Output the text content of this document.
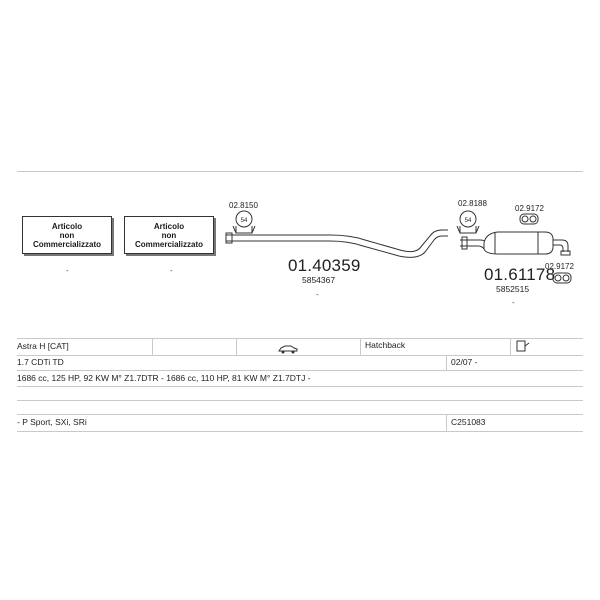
Articolo
non
Commercializzato
-
Articolo
non
Commercializzato
-
54	54
02.8150	02.8188
02.9172
02.9172
01.40359
5854367
-
01.61178
5852515
-
Astra H [CAT]	Hatchback
1.7 CDTi TD	02/07 -
1686 cc, 125 HP, 92 KW M° Z1.7DTR - 1686 cc, 110 HP, 81 KW M° Z1.7DTJ -
- P Sport, SXi, SRi	C251083
